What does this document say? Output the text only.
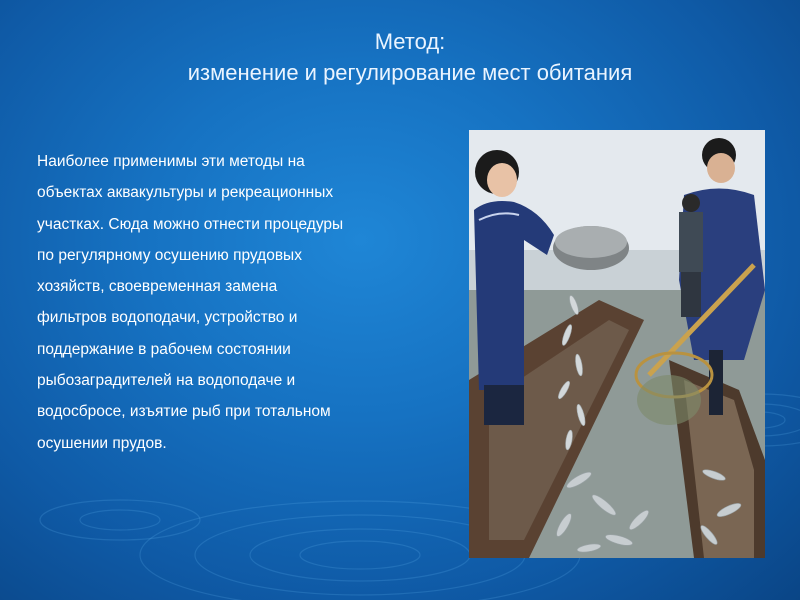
Метод:
изменение и регулирование мест обитания
Наиболее применимы эти методы на
объектах аквакультуры и рекреационных
участках. Сюда можно отнести процедуры
по регулярному осушению прудовых
хозяйств, своевременная замена
фильтров водоподачи, устройство и
поддержание в рабочем состоянии
рыбозаградителей на водоподаче и
водосбросе, изъятие рыб при тотальном
осушении прудов.
